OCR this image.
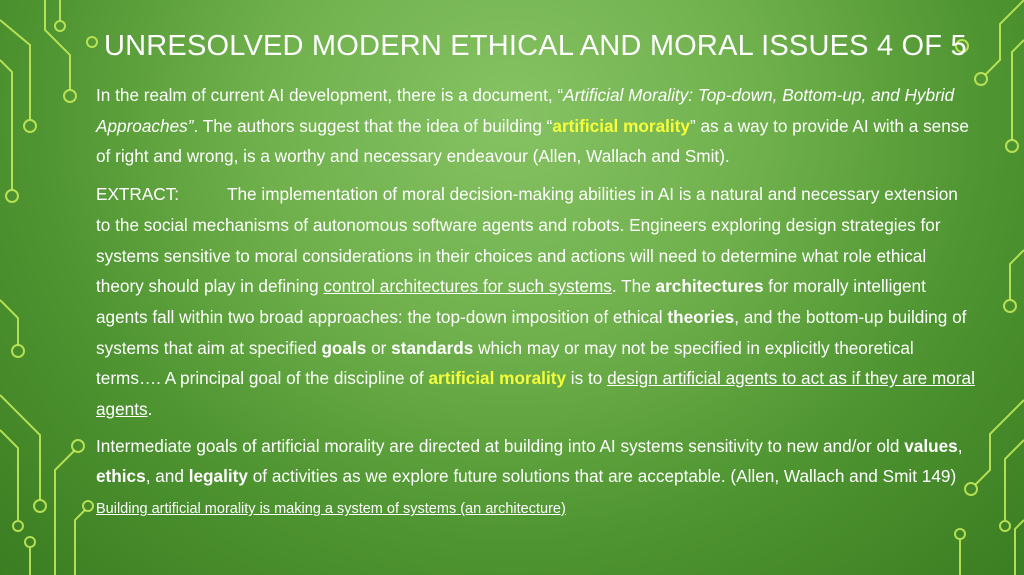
UNRESOLVED MODERN ETHICAL AND MORAL ISSUES 4 OF 5

In the realm of current AI development, there is a document, “Artificial Morality: Top-down, Bottom-up, and Hybrid Approaches”. The authors suggest that the idea of building “artificial morality” as a way to provide AI with a sense of right and wrong, is a worthy and necessary endeavour (Allen, Wallach and Smit).

EXTRACT:	The implementation of moral decision-making abilities in AI is a natural and necessary extension to the social mechanisms of autonomous software agents and robots. Engineers exploring design strategies for systems sensitive to moral considerations in their choices and actions will need to determine what role ethical theory should play in defining control architectures for such systems. The architectures for morally intelligent agents fall within two broad approaches: the top-down imposition of ethical theories, and the bottom-up building of systems that aim at specified goals or standards which may or may not be specified in explicitly theoretical terms…. A principal goal of the discipline of artificial morality is to design artificial agents to act as if they are moral agents.

Intermediate goals of artificial morality are directed at building into AI systems sensitivity to new and/or old values, ethics, and legality of activities as we explore future solutions that are acceptable. (Allen, Wallach and Smit 149) Building artificial morality is making a system of systems (an architecture)
